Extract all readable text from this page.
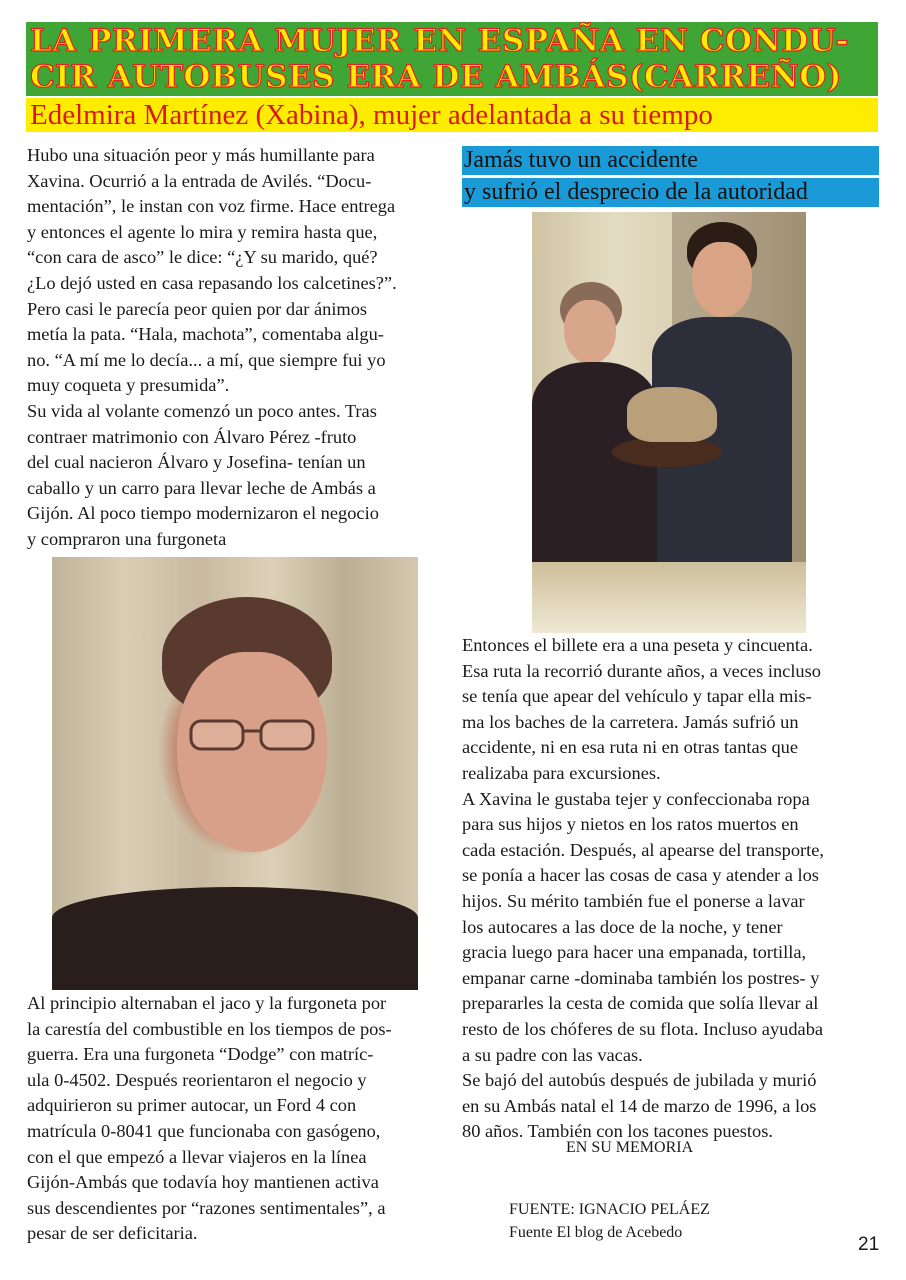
LA PRIMERA MUJER EN ESPAÑA EN CONDU-
CIR AUTOBUSES ERA DE AMBÁS(CARREÑO)
Edelmira Martínez (Xabina), mujer adelantada a su tiempo

Hubo una situación peor y más humillante para

Xavina. Ocurrió a la entrada de Avilés. “Docu-

mentación”, le instan con voz firme. Hace entrega

y entonces el agente lo mira y remira hasta que,

“con cara de asco” le dice: “¿Y su marido, qué?

¿Lo dejó usted en casa repasando los calcetines?”.

Pero casi le parecía peor quien por dar ánimos

metía la pata. “Hala, machota”, comentaba algu-

no. “A mí me lo decía... a mí, que siempre fui yo

muy coqueta y presumida”.

Su vida al volante comenzó un poco antes. Tras

contraer matrimonio con Álvaro Pérez -fruto

del cual nacieron Álvaro y Josefina- tenían un

caballo y un carro para llevar leche de Ambás a

Gijón. Al poco tiempo modernizaron el negocio

y compraron una furgoneta

Al principio alternaban el jaco y la furgoneta por

la carestía del combustible en los tiempos de pos-

guerra. Era una furgoneta “Dodge” con matríc-

ula 0-4502. Después reorientaron el negocio y

adquirieron su primer autocar, un Ford 4 con

matrícula 0-8041 que funcionaba con gasógeno,

con el que empezó a llevar viajeros en la línea

Gijón-Ambás que todavía hoy mantienen activa

sus descendientes por “razones sentimentales”, a

pesar de ser deficitaria.

Jamás tuvo un accidente
y sufrió el desprecio de la autoridad

Entonces el billete era a una peseta y cincuenta.

Esa ruta la recorrió durante años, a veces incluso

se tenía que apear del vehículo y tapar ella mis-

ma los baches de la carretera. Jamás sufrió un

accidente, ni en esa ruta ni en otras tantas que

realizaba para excursiones.

A Xavina le gustaba tejer y confeccionaba ropa

para sus hijos y nietos en los ratos muertos en

cada estación. Después, al apearse del transporte,

se ponía a hacer las cosas de casa y atender a los

hijos. Su mérito también fue el ponerse a lavar

los autocares a las doce de la noche, y tener

gracia luego para hacer una empanada, tortilla,

empanar carne -dominaba también los postres- y

prepararles la cesta de comida que solía llevar al

resto de los chóferes de su flota. Incluso ayudaba

a su padre con las vacas.

Se bajó del autobús después de jubilada y murió

en su Ambás natal el 14 de marzo de 1996, a los

80 años. También con los tacones puestos.

EN SU MEMORIA
FUENTE: IGNACIO PELÁEZ
Fuente El blog de Acebedo
21
